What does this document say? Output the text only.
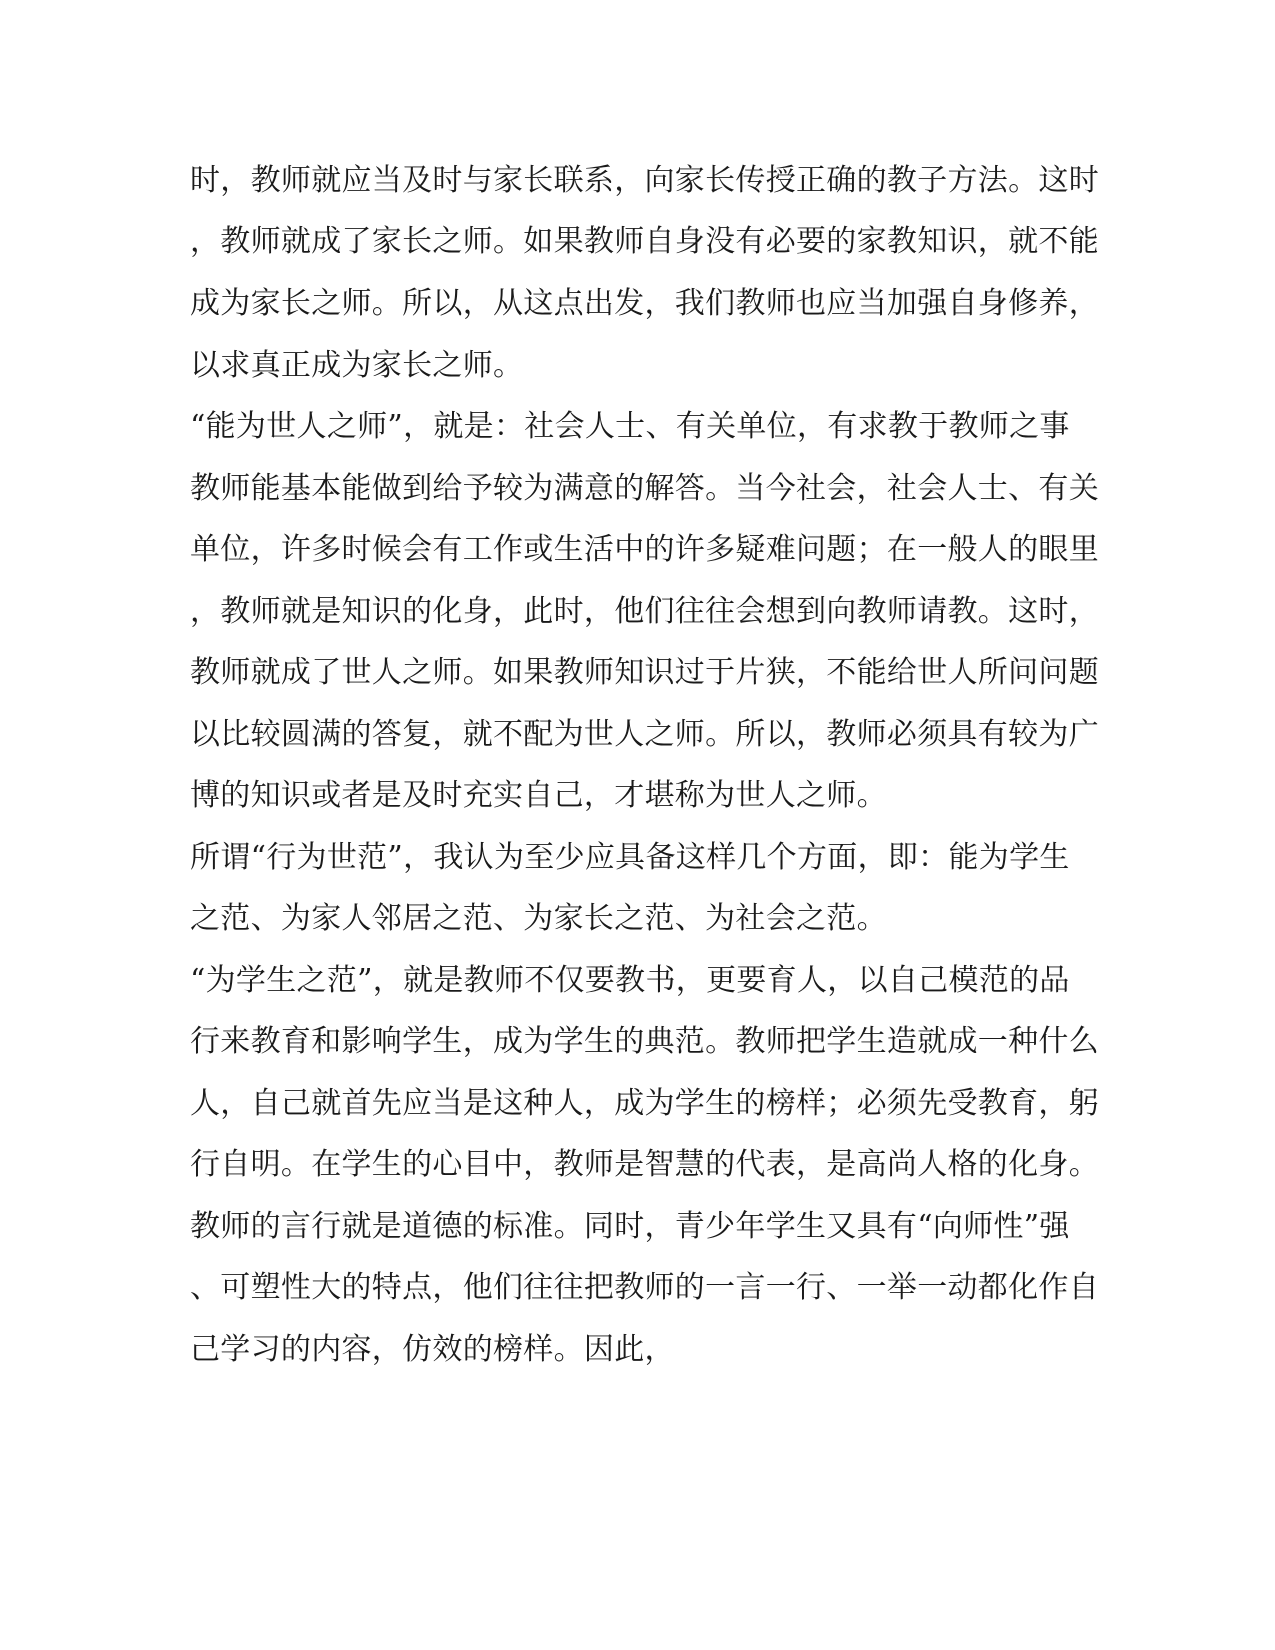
时，教师就应当及时与家长联系，向家长传授正确的教子方法。这时
，教师就成了家长之师。如果教师自身没有必要的家教知识，就不能
成为家长之师。所以，从这点出发，我们教师也应当加强自身修养，
以求真正成为家长之师。
“能为世人之师”，就是：社会人士、有关单位，有求教于教师之事
教师能基本能做到给予较为满意的解答。当今社会，社会人士、有关
单位，许多时候会有工作或生活中的许多疑难问题；在一般人的眼里
，教师就是知识的化身，此时，他们往往会想到向教师请教。这时，
教师就成了世人之师。如果教师知识过于片狭，不能给世人所问问题
以比较圆满的答复，就不配为世人之师。所以，教师必须具有较为广
博的知识或者是及时充实自己，才堪称为世人之师。
所谓“行为世范”，我认为至少应具备这样几个方面，即：能为学生
之范、为家人邻居之范、为家长之范、为社会之范。
“为学生之范”，就是教师不仅要教书，更要育人，以自己模范的品
行来教育和影响学生，成为学生的典范。教师把学生造就成一种什么
人，自己就首先应当是这种人，成为学生的榜样；必须先受教育，躬
行自明。在学生的心目中，教师是智慧的代表，是高尚人格的化身。
教师的言行就是道德的标准。同时，青少年学生又具有“向师性”强
、可塑性大的特点，他们往往把教师的一言一行、一举一动都化作自
己学习的内容，仿效的榜样。因此，
